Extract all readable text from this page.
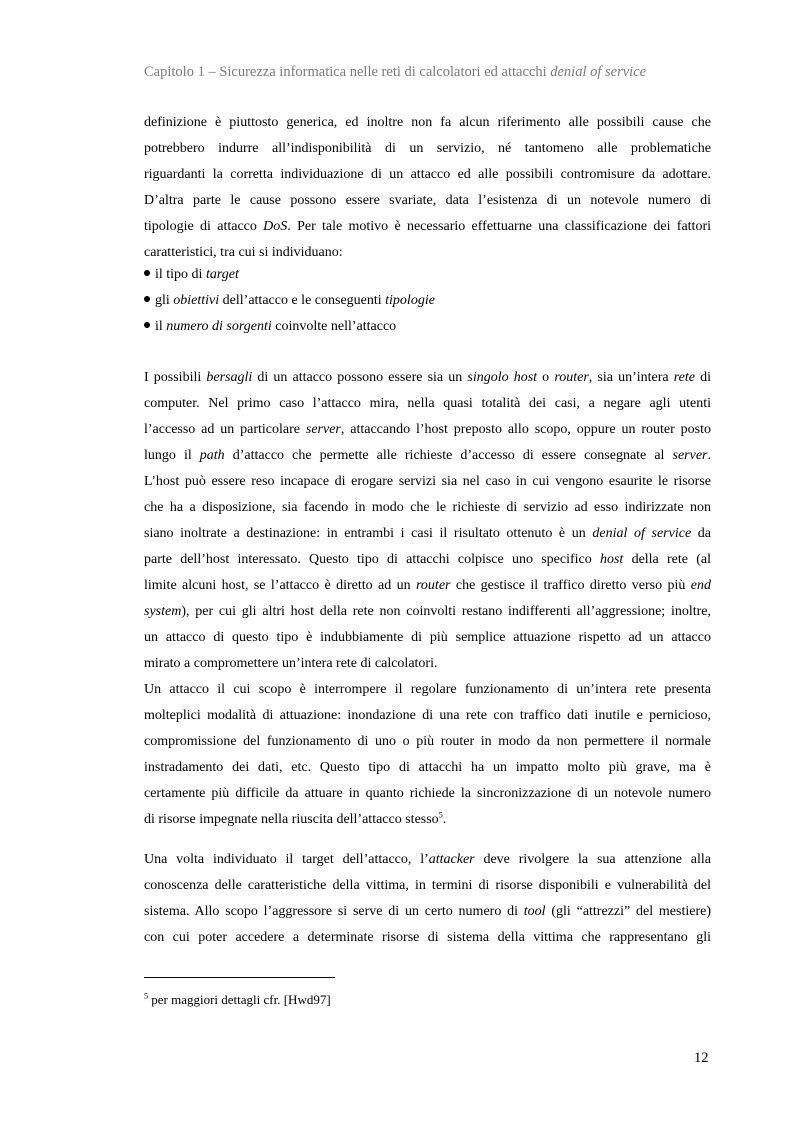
Capitolo 1 – Sicurezza informatica nelle reti di calcolatori ed attacchi denial of service
definizione è piuttosto generica, ed inoltre non fa alcun riferimento alle possibili cause che
potrebbero indurre all’indisponibilità di un servizio, né tantomeno alle problematiche
riguardanti la corretta individuazione di un attacco ed alle possibili contromisure da adottare.
D’altra parte le cause possono essere svariate, data l’esistenza di un notevole numero di
tipologie di attacco DoS. Per tale motivo è necessario effettuarne una classificazione dei fattori
caratteristici, tra cui si individuano:
il tipo di target
gli obiettivi dell’attacco e le conseguenti tipologie
il numero di sorgenti coinvolte nell’attacco
I possibili bersagli di un attacco possono essere sia un singolo host o router, sia un’intera rete di
computer. Nel primo caso l’attacco mira, nella quasi totalità dei casi, a negare agli utenti
l’accesso ad un particolare server, attaccando l’host preposto allo scopo, oppure un router posto
lungo il path d’attacco che permette alle richieste d’accesso di essere consegnate al server.
L’host può essere reso incapace di erogare servizi sia nel caso in cui vengono esaurite le risorse
che ha a disposizione, sia facendo in modo che le richieste di servizio ad esso indirizzate non
siano inoltrate a destinazione: in entrambi i casi il risultato ottenuto è un denial of service da
parte dell’host interessato. Questo tipo di attacchi colpisce uno specifico host della rete (al
limite alcuni host, se l’attacco è diretto ad un router che gestisce il traffico diretto verso più end
system), per cui gli altri host della rete non coinvolti restano indifferenti all’aggressione; inoltre,
un attacco di questo tipo è indubbiamente di più semplice attuazione rispetto ad un attacco
mirato a compromettere un’intera rete di calcolatori.
Un attacco il cui scopo è interrompere il regolare funzionamento di un’intera rete presenta
molteplici modalità di attuazione: inondazione di una rete con traffico dati inutile e pernicioso,
compromissione del funzionamento di uno o più router in modo da non permettere il normale
instradamento dei dati, etc. Questo tipo di attacchi ha un impatto molto più grave, ma è
certamente più difficile da attuare in quanto richiede la sincronizzazione di un notevole numero
di risorse impegnate nella riuscita dell’attacco stesso$^5$.
Una volta individuato il target dell’attacco, l’attacker deve rivolgere la sua attenzione alla
conoscenza delle caratteristiche della vittima, in termini di risorse disponibili e vulnerabilità del
sistema. Allo scopo l’aggressore si serve di un certo numero di tool (gli “attrezzi” del mestiere)
con cui poter accedere a determinate risorse di sistema della vittima che rappresentano gli
$^5$ per maggiori dettagli cfr. [Hwd97]
12
